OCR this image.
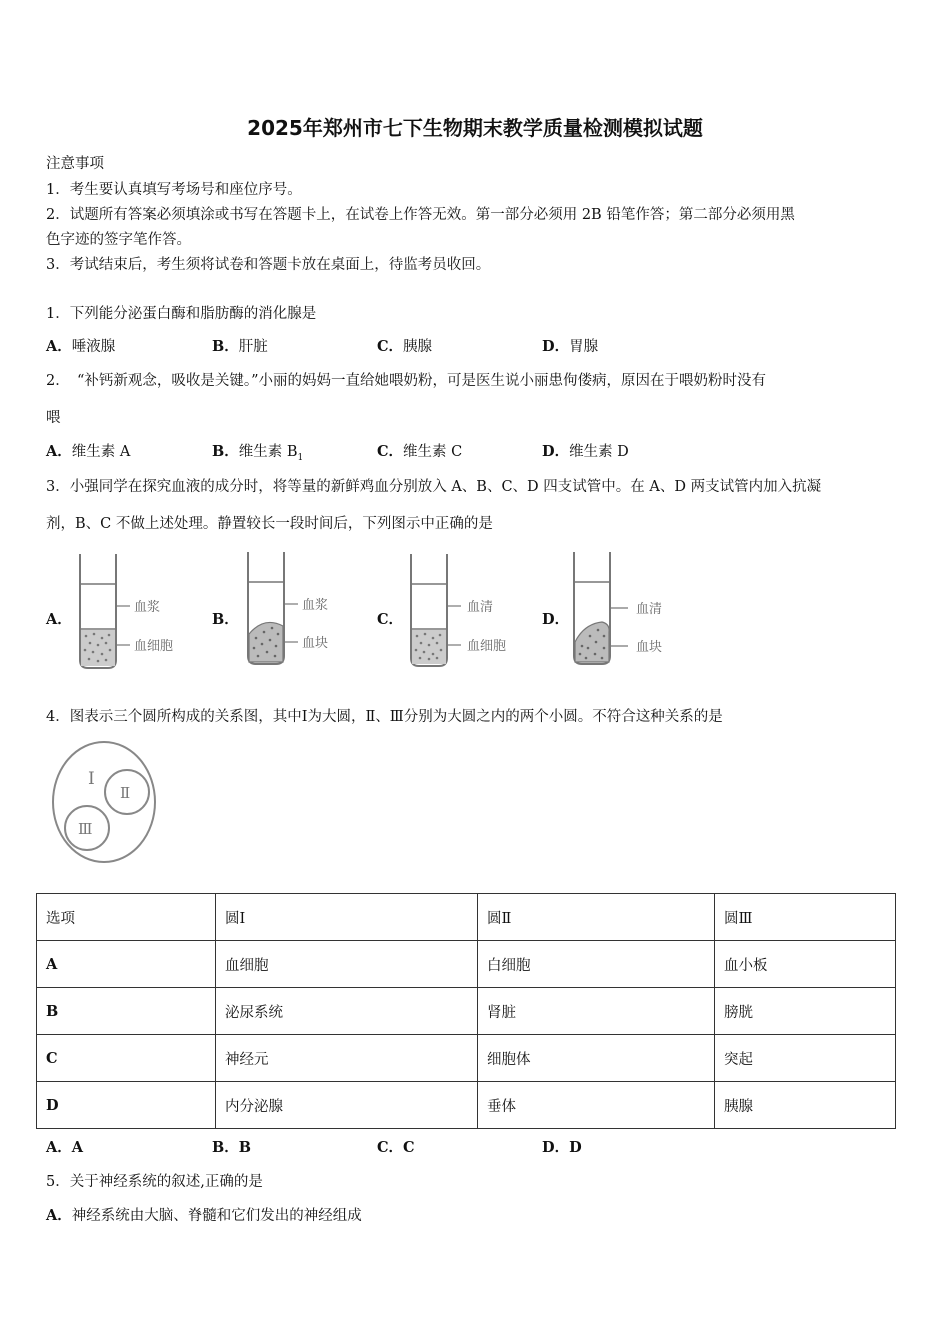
2025年郑州市七下生物期末教学质量检测模拟试题
注意事项
1．考生要认真填写考场号和座位序号。
2．试题所有答案必须填涂或书写在答题卡上，在试卷上作答无效。第一部分必须用 2B 铅笔作答；第二部分必须用黑
色字迹的签字笔作答。
3．考试结束后，考生须将试卷和答题卡放在桌面上，待监考员收回。
1．下列能分泌蛋白酶和脂肪酶的消化腺是
A．唾液腺	B．肝脏	C．胰腺	D．胃腺
2．　“补钙新观念，吸收是关键。”小丽的妈妈一直给她喂奶粉，可是医生说小丽患佝偻病，原因在于喂奶粉时没有
喂
A．维生素 A	B．维生素 $B_1$	C．维生素 C	D．维生素 D
3．小强同学在探究血液的成分时，将等量的新鲜鸡血分别放入 A、B、C、D 四支试管中。在 A、D 两支试管内加入抗凝
剂，B、C 不做上述处理。静置较长一段时间后，下列图示中正确的是
A．
血浆
血细胞
B．
血浆
血块
C．
血清
血细胞
D．
血清
血块
4．图表示三个圆所构成的关系图，其中Ⅰ为大圆，Ⅱ、Ⅲ分别为大圆之内的两个小圆。不符合这种关系的是
Ⅰ
Ⅱ
Ⅲ
选项	圆Ⅰ	圆Ⅱ	圆Ⅲ
A	血细胞	白细胞	血小板
B	泌尿系统	肾脏	膀胱
C	神经元	细胞体	突起
D	内分泌腺	垂体	胰腺
A．A	B．B	C．C	D．D
5．关于神经系统的叙述,正确的是
A．神经系统由大脑、脊髓和它们发出的神经组成
